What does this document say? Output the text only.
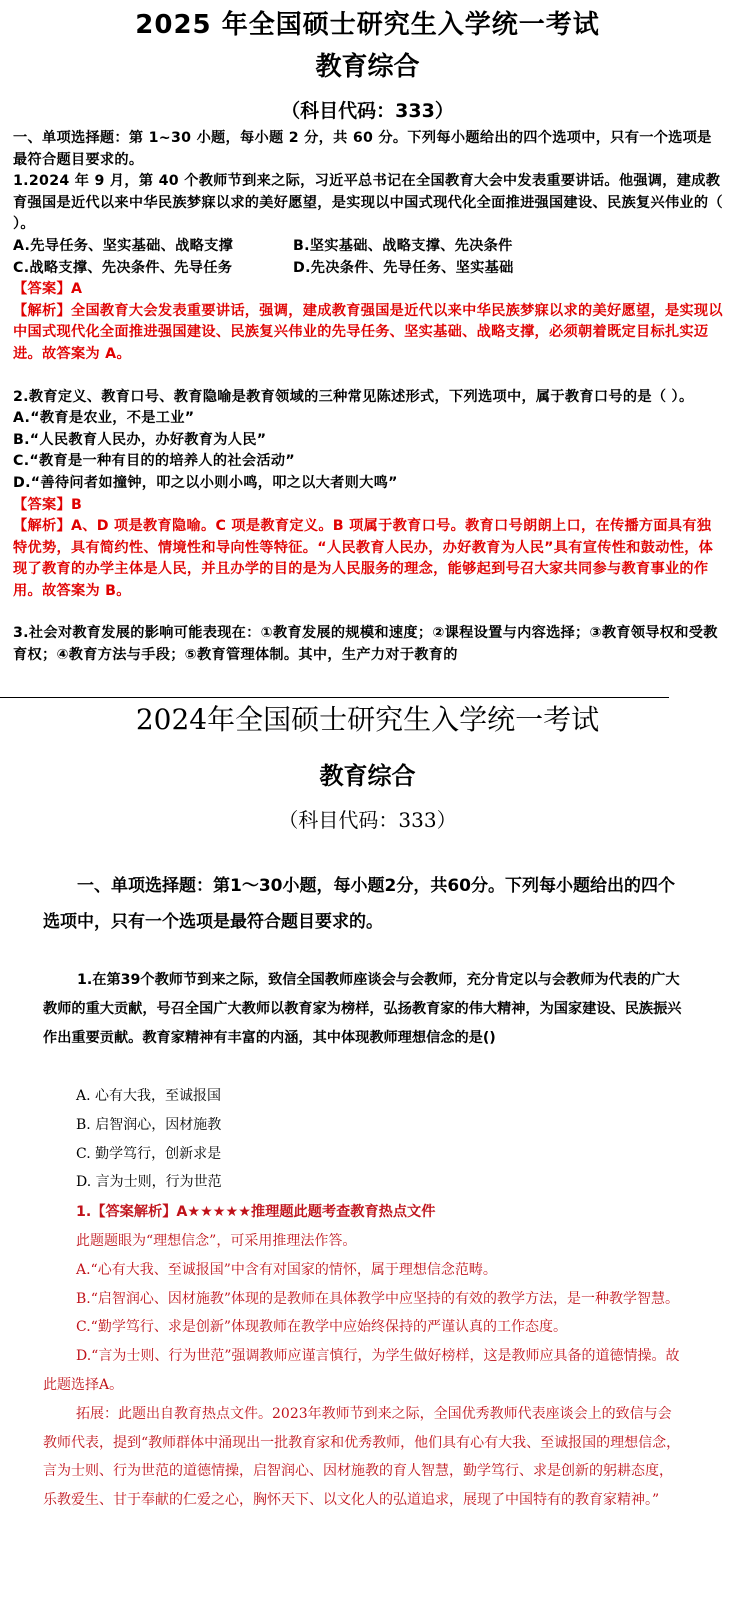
2025 年全国硕士研究生入学统一考试
教育综合
（科目代码：333）

一、单项选择题：第 1~30 小题，每小题 2 分，共 60 分。下列每小题给出的四个选项中，只有一个选项是最符合题目要求的。

1.2024 年 9 月，第 40 个教师节到来之际，习近平总书记在全国教育大会中发表重要讲话。他强调，建成教育强国是近代以来中华民族梦寐以求的美好愿望，是实现以中国式现代化全面推进强国建设、民族复兴伟业的（ ）。

A.先导任务、坚实基础、战略支撑	B.坚实基础、战略支撑、先决条件
C.战略支撑、先决条件、先导任务	D.先决条件、先导任务、坚实基础

【答案】A

【解析】全国教育大会发表重要讲话，强调，建成教育强国是近代以来中华民族梦寐以求的美好愿望，是实现以中国式现代化全面推进强国建设、民族复兴伟业的先导任务、坚实基础、战略支撑，必须朝着既定目标扎实迈进。故答案为 A。

2.教育定义、教育口号、教育隐喻是教育领域的三种常见陈述形式，下列选项中，属于教育口号的是（ ）。

A.“教育是农业，不是工业”

B.“人民教育人民办，办好教育为人民”

C.“教育是一种有目的的培养人的社会活动”

D.“善待问者如撞钟，叩之以小则小鸣，叩之以大者则大鸣”

【答案】B

【解析】A、D 项是教育隐喻。C 项是教育定义。B 项属于教育口号。教育口号朗朗上口，在传播方面具有独特优势，具有简约性、情境性和导向性等特征。“人民教育人民办，办好教育为人民”具有宣传性和鼓动性，体现了教育的办学主体是人民，并且办学的目的是为人民服务的理念，能够起到号召大家共同参与教育事业的作用。故答案为 B。

3.社会对教育发展的影响可能表现在：①教育发展的规模和速度；②课程设置与内容选择；③教育领导权和受教育权；④教育方法与手段；⑤教育管理体制。其中，生产力对于教育的

2024年全国硕士研究生入学统一考试
教育综合
（科目代码：333）
一、单项选择题：第1～30小题，每小题2分，共60分。下列每小题给出的四个选项中，只有一个选项是最符合题目要求的。
1.在第39个教师节到来之际，致信全国教师座谈会与会教师，充分肯定以与会教师为代表的广大教师的重大贡献，号召全国广大教师以教育家为榜样，弘扬教育家的伟大精神，为国家建设、民族振兴作出重要贡献。教育家精神有丰富的内涵，其中体现教师理想信念的是()
A. 心有大我，至诚报国
B. 启智润心，因材施教
C. 勤学笃行，创新求是
D. 言为士则，行为世范
1.【答案解析】A★★★★★推理题此题考查教育热点文件

此题题眼为“理想信念”，可采用推理法作答。

A.“心有大我、至诚报国”中含有对国家的情怀，属于理想信念范畴。

B.“启智润心、因材施教”体现的是教师在具体教学中应坚持的有效的教学方法，是一种教学智慧。

C.“勤学笃行、求是创新”体现教师在教学中应始终保持的严谨认真的工作态度。

D.“言为士则、行为世范”强调教师应谨言慎行，为学生做好榜样，这是教师应具备的道德情操。故此题选择A。

拓展：此题出自教育热点文件。2023年教师节到来之际，全国优秀教师代表座谈会上的致信与会教师代表，提到“教师群体中涌现出一批教育家和优秀教师，他们具有心有大我、至诚报国的理想信念，言为士则、行为世范的道德情操，启智润心、因材施教的育人智慧，勤学笃行、求是创新的躬耕态度，乐教爱生、甘于奉献的仁爱之心，胸怀天下、以文化人的弘道追求，展现了中国特有的教育家精神。”
